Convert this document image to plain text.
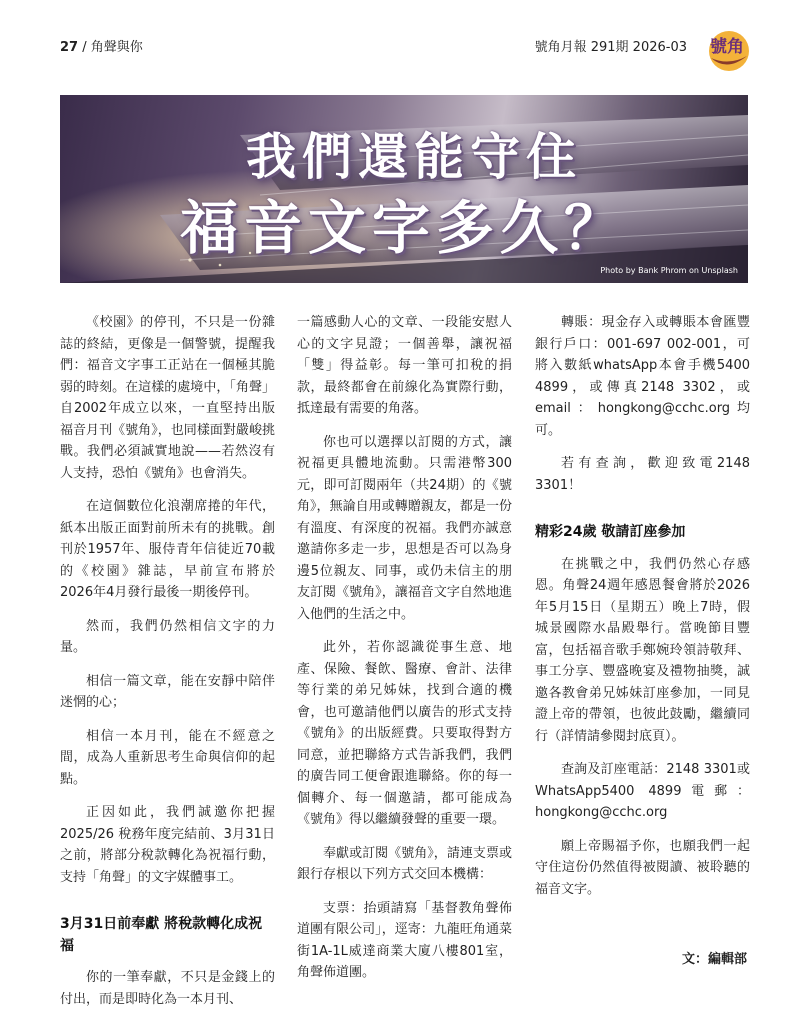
27 / 角聲與你	號角月報 291期 2026-03 號角
我們還能守住
福音文字多久？
Photo by Bank Phrom on Unsplash

《校園》的停刊，不只是一份雜誌的終結，更像是一個警號，提醒我們：福音文字事工正站在一個極其脆弱的時刻。在這樣的處境中，「角聲」自2002年成立以來，一直堅持出版福音月刊《號角》，也同樣面對嚴峻挑戰。我們必須誠實地說——若然沒有人支持，恐怕《號角》也會消失。

在這個數位化浪潮席捲的年代，紙本出版正面對前所未有的挑戰。創刊於1957年、服侍青年信徒近70載的《校園》雜誌，早前宣布將於2026年4月發行最後一期後停刊。

然而，我們仍然相信文字的力量。

相信一篇文章，能在安靜中陪伴迷惘的心；

相信一本月刊，能在不經意之間，成為人重新思考生命與信仰的起點。

正因如此，我們誠邀你把握2025/26 稅務年度完結前、3月31日之前，將部分稅款轉化為祝福行動，支持「角聲」的文字媒體事工。

3月31日前奉獻 將稅款轉化成祝福

你的一筆奉獻，不只是金錢上的付出，而是即時化為一本月刊、

一篇感動人心的文章、一段能安慰人心的文字見證；一個善舉，讓祝福「雙」得益彰。每一筆可扣稅的捐款，最終都會在前線化為實際行動，抵達最有需要的角落。

你也可以選擇以訂閱的方式，讓祝福更具體地流動。只需港幣300元，即可訂閱兩年（共24期）的《號角》，無論自用或轉贈親友，都是一份有溫度、有深度的祝福。我們亦誠意邀請你多走一步，思想是否可以為身邊5位親友、同事，或仍未信主的朋友訂閱《號角》，讓福音文字自然地進入他們的生活之中。

此外，若你認識從事生意、地產、保險、餐飲、醫療、會計、法律等行業的弟兄姊妹，找到合適的機會，也可邀請他們以廣告的形式支持《號角》的出版經費。只要取得對方同意，並把聯絡方式告訴我們，我們的廣告同工便會跟進聯絡。你的每一個轉介、每一個邀請，都可能成為《號角》得以繼續發聲的重要一環。

奉獻或訂閱《號角》，請連支票或銀行存根以下列方式交回本機構：

支票：抬頭請寫「基督教角聲佈道團有限公司」，逕寄：九龍旺角通菜街1A-1L威達商業大廈八樓801室，角聲佈道團。

轉賬：現金存入或轉賬本會匯豐銀行戶口：001-697 002-001，可將入數紙whatsApp本會手機5400 4899，或傳真2148 3302，或email：hongkong@cchc.org均可。

若有查詢，歡迎致電2148 3301！

精彩24歲 敬請訂座參加

在挑戰之中，我們仍然心存感恩。角聲24週年感恩餐會將於2026年5月15日（星期五）晚上7時，假城景國際水晶殿舉行。當晚節目豐富，包括福音歌手鄭婉玲領詩敬拜、事工分享、豐盛晚宴及禮物抽獎，誠邀各教會弟兄姊妹訂座參加，一同見證上帝的帶領，也彼此鼓勵，繼續同行（詳情請參閱封底頁）。

查詢及訂座電話：2148 3301或WhatsApp5400 4899電郵：hongkong@cchc.org

願上帝賜福予你，也願我們一起守住這份仍然值得被閱讀、被聆聽的福音文字。

文：編輯部
